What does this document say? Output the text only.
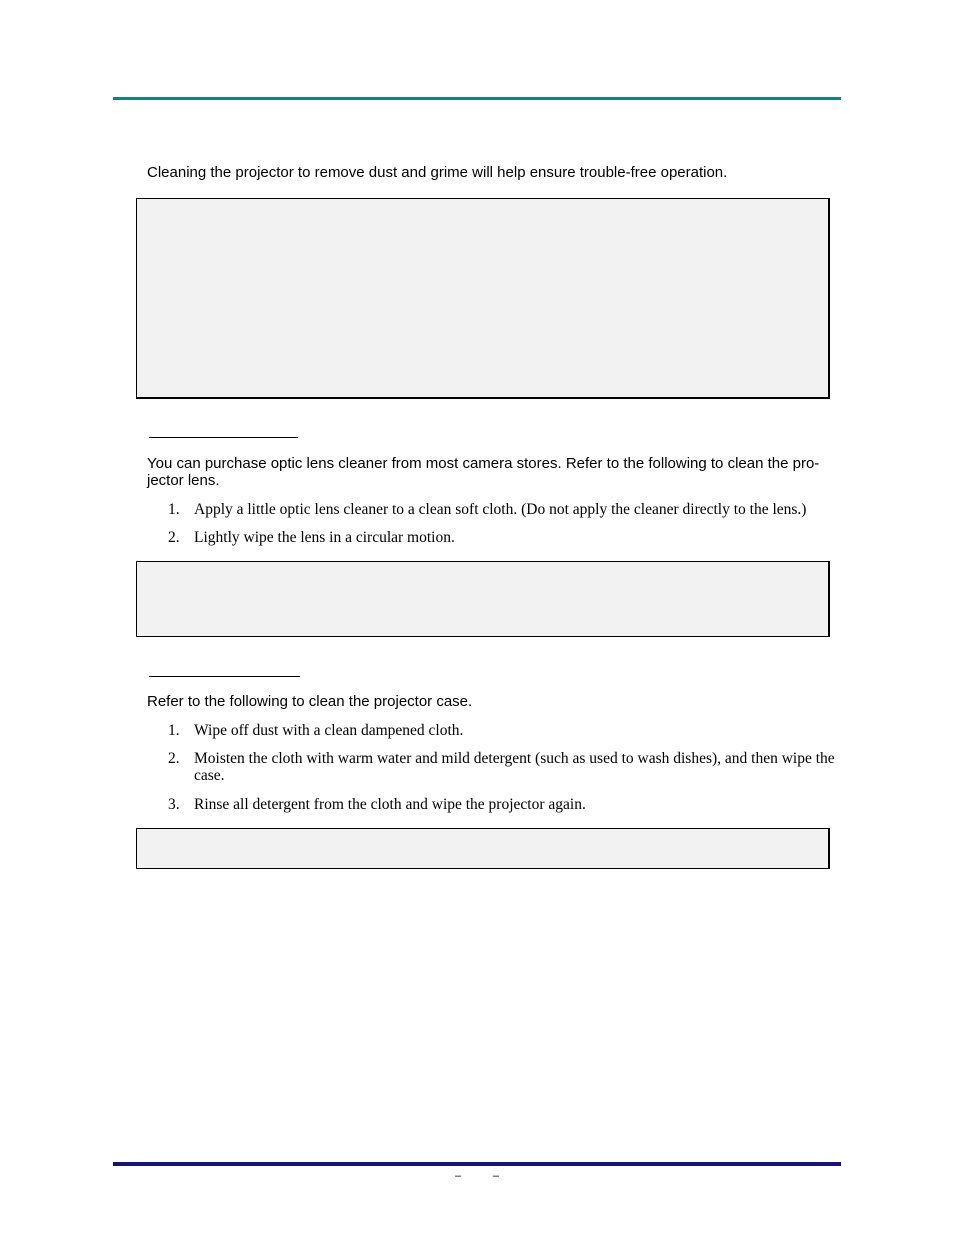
Cleaning the projector to remove dust and grime will help ensure trouble-free operation.

You can purchase optic lens cleaner from most camera stores. Refer to the following to clean the pro-jector lens.

1. Apply a little optic lens cleaner to a clean soft cloth. (Do not apply the cleaner directly to the lens.)
2. Lightly wipe the lens in a circular motion.

Refer to the following to clean the projector case.

1. Wipe off dust with a clean dampened cloth.
2. Moisten the cloth with warm water and mild detergent (such as used to wash dishes), and then wipe the case.
3. Rinse all detergent from the cloth and wipe the projector again.
–	–
